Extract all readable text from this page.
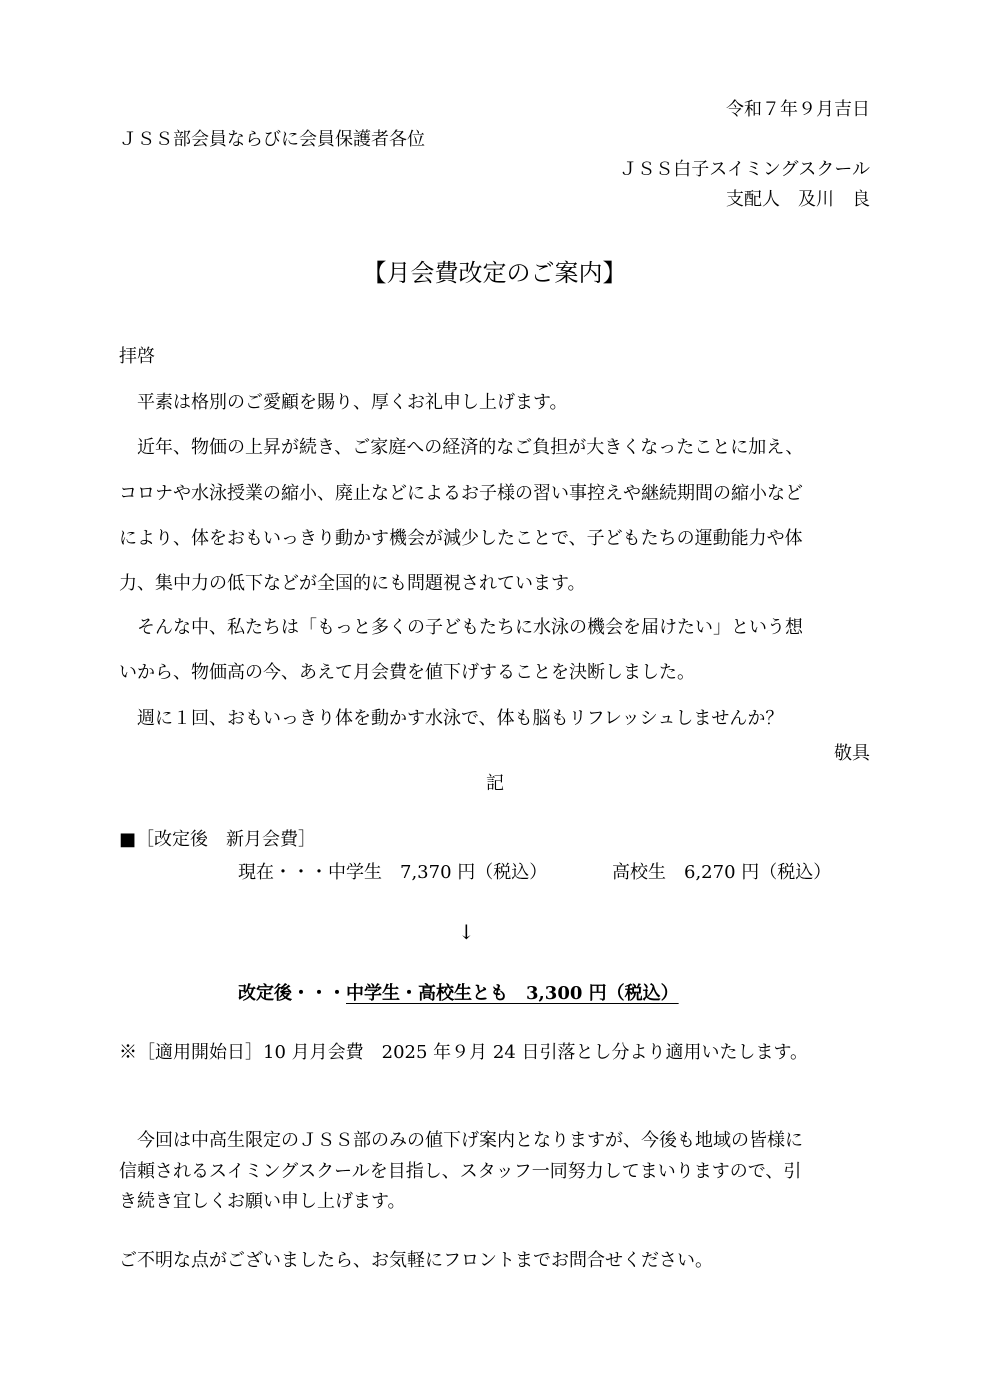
令和７年９月吉日
ＪＳＳ部会員ならびに会員保護者各位
ＪＳＳ白子スイミングスクール
支配人　及川　良
【月会費改定のご案内】
拝啓
平素は格別のご愛顧を賜り、厚くお礼申し上げます。
近年、物価の上昇が続き、ご家庭への経済的なご負担が大きくなったことに加え、
コロナや水泳授業の縮小、廃止などによるお子様の習い事控えや継続期間の縮小など
により、体をおもいっきり動かす機会が減少したことで、子どもたちの運動能力や体
力、集中力の低下などが全国的にも問題視されています。
そんな中、私たちは「もっと多くの子どもたちに水泳の機会を届けたい」という想
いから、物価高の今、あえて月会費を値下げすることを決断しました。
週に１回、おもいっきり体を動かす水泳で、体も脳もリフレッシュしませんか？
敬具
記
■［改定後　新月会費］
現在・・・中学生　7,370 円（税込）	高校生　6,270 円（税込）
↓
改定後・・・中学生・高校生とも　3,300 円（税込）
※［適用開始日］10 月月会費　2025 年９月 24 日引落とし分より適用いたします。
今回は中高生限定のＪＳＳ部のみの値下げ案内となりますが、今後も地域の皆様に
信頼されるスイミングスクールを目指し、スタッフ一同努力してまいりますので、引
き続き宜しくお願い申し上げます。
ご不明な点がございましたら、お気軽にフロントまでお問合せください。
